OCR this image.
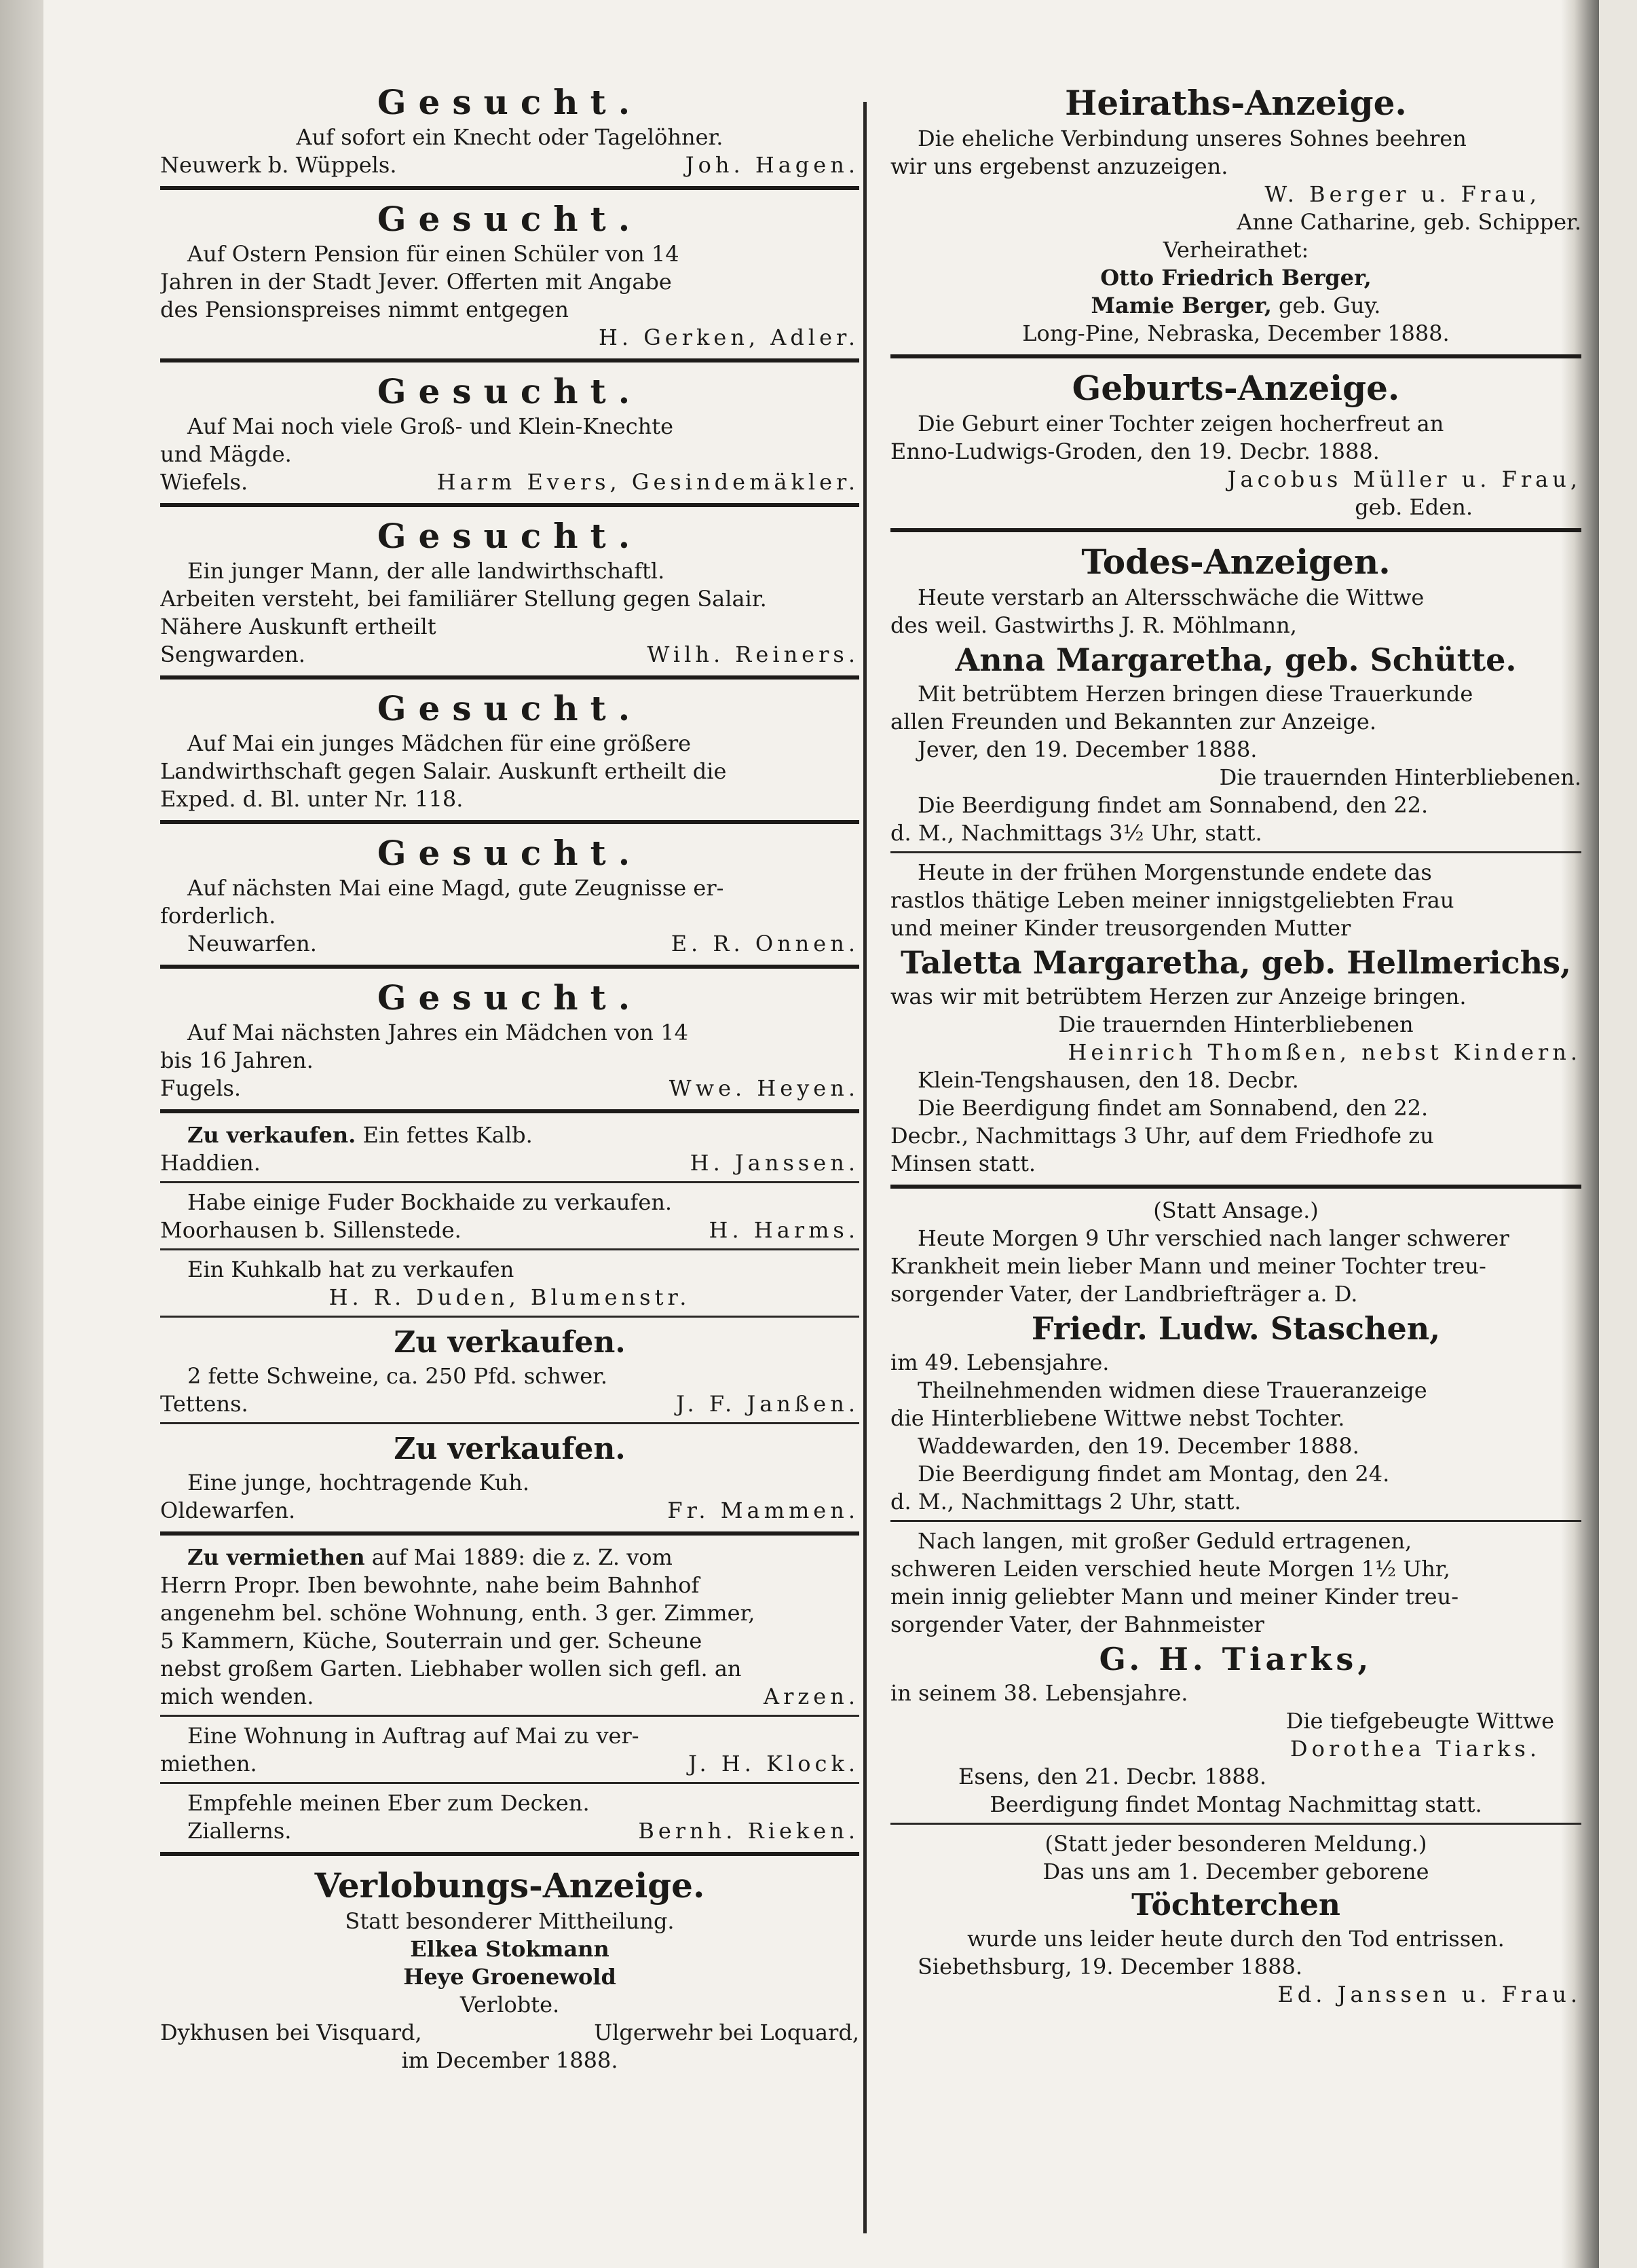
Gesucht.
Auf sofort ein Knecht oder Tagelöhner.
Neuwerk b. Wüppels.	Joh. Hagen.
Gesucht.
Auf Ostern Pension für einen Schüler von 14
Jahren in der Stadt Jever. Offerten mit Angabe
des Pensionspreises nimmt entgegen
H. Gerken, Adler.
Gesucht.
Auf Mai noch viele Groß- und Klein-Knechte
und Mägde.
Wiefels.	Harm Evers, Gesindemäkler.
Gesucht.
Ein junger Mann, der alle landwirthschaftl.
Arbeiten versteht, bei familiärer Stellung gegen Salair.
Nähere Auskunft ertheilt
Sengwarden.	Wilh. Reiners.
Gesucht.
Auf Mai ein junges Mädchen für eine größere
Landwirthschaft gegen Salair. Auskunft ertheilt die
Exped. d. Bl. unter Nr. 118.
Gesucht.
Auf nächsten Mai eine Magd, gute Zeugnisse er-
forderlich.
Neuwarfen.	E. R. Onnen.
Gesucht.
Auf Mai nächsten Jahres ein Mädchen von 14
bis 16 Jahren.
Fugels.	Wwe. Heyen.
Zu verkaufen. Ein fettes Kalb.
Haddien.	H. Janssen.
Habe einige Fuder Bockhaide zu verkaufen.
Moorhausen b. Sillenstede.	H. Harms.
Ein Kuhkalb hat zu verkaufen
H. R. Duden, Blumenstr.
Zu verkaufen.
2 fette Schweine, ca. 250 Pfd. schwer.
Tettens.	J. F. Janßen.
Zu verkaufen.
Eine junge, hochtragende Kuh.
Oldewarfen.	Fr. Mammen.
Zu vermiethen auf Mai 1889: die z. Z. vom
Herrn Propr. Iben bewohnte, nahe beim Bahnhof
angenehm bel. schöne Wohnung, enth. 3 ger. Zimmer,
5 Kammern, Küche, Souterrain und ger. Scheune
nebst großem Garten. Liebhaber wollen sich gefl. an
mich wenden.	Arzen.
Eine Wohnung in Auftrag auf Mai zu ver-
miethen.	J. H. Klock.
Empfehle meinen Eber zum Decken.
Ziallerns.	Bernh. Rieken.
Verlobungs-Anzeige.
Statt besonderer Mittheilung.
Elkea Stokmann
Heye Groenewold
Verlobte.
Dykhusen bei Visquard,	Ulgerwehr bei Loquard,
im December 1888.
Heiraths-Anzeige.
Die eheliche Verbindung unseres Sohnes beehren
wir uns ergebenst anzuzeigen.
W. Berger u. Frau,
Anne Catharine, geb. Schipper.
Verheirathet:
Otto Friedrich Berger,
Mamie Berger, geb. Guy.
Long-Pine, Nebraska, December 1888.
Geburts-Anzeige.
Die Geburt einer Tochter zeigen hocherfreut an
Enno-Ludwigs-Groden, den 19. Decbr. 1888.
Jacobus Müller u. Frau,
geb. Eden.
Todes-Anzeigen.
Heute verstarb an Altersschwäche die Wittwe
des weil. Gastwirths J. R. Möhlmann,
Anna Margaretha, geb. Schütte.
Mit betrübtem Herzen bringen diese Trauerkunde
allen Freunden und Bekannten zur Anzeige.
Jever, den 19. December 1888.
Die trauernden Hinterbliebenen.
Die Beerdigung findet am Sonnabend, den 22.
d. M., Nachmittags 3½ Uhr, statt.
Heute in der frühen Morgenstunde endete das
rastlos thätige Leben meiner innigstgeliebten Frau
und meiner Kinder treusorgenden Mutter
Taletta Margaretha, geb. Hellmerichs,
was wir mit betrübtem Herzen zur Anzeige bringen.
Die trauernden Hinterbliebenen
Heinrich Thomßen, nebst Kindern.
Klein-Tengshausen, den 18. Decbr.
Die Beerdigung findet am Sonnabend, den 22.
Decbr., Nachmittags 3 Uhr, auf dem Friedhofe zu
Minsen statt.
(Statt Ansage.)
Heute Morgen 9 Uhr verschied nach langer schwerer
Krankheit mein lieber Mann und meiner Tochter treu-
sorgender Vater, der Landbriefträger a. D.
Friedr. Ludw. Staschen,
im 49. Lebensjahre.
Theilnehmenden widmen diese Traueranzeige
die Hinterbliebene Wittwe nebst Tochter.
Waddewarden, den 19. December 1888.
Die Beerdigung findet am Montag, den 24.
d. M., Nachmittags 2 Uhr, statt.
Nach langen, mit großer Geduld ertragenen,
schweren Leiden verschied heute Morgen 1½ Uhr,
mein innig geliebter Mann und meiner Kinder treu-
sorgender Vater, der Bahnmeister
G. H. Tiarks,
in seinem 38. Lebensjahre.
Die tiefgebeugte Wittwe
Dorothea Tiarks.
Esens, den 21. Decbr. 1888.
Beerdigung findet Montag Nachmittag statt.
(Statt jeder besonderen Meldung.)
Das uns am 1. December geborene
Töchterchen
wurde uns leider heute durch den Tod entrissen.
Siebethsburg, 19. December 1888.
Ed. Janssen u. Frau.
